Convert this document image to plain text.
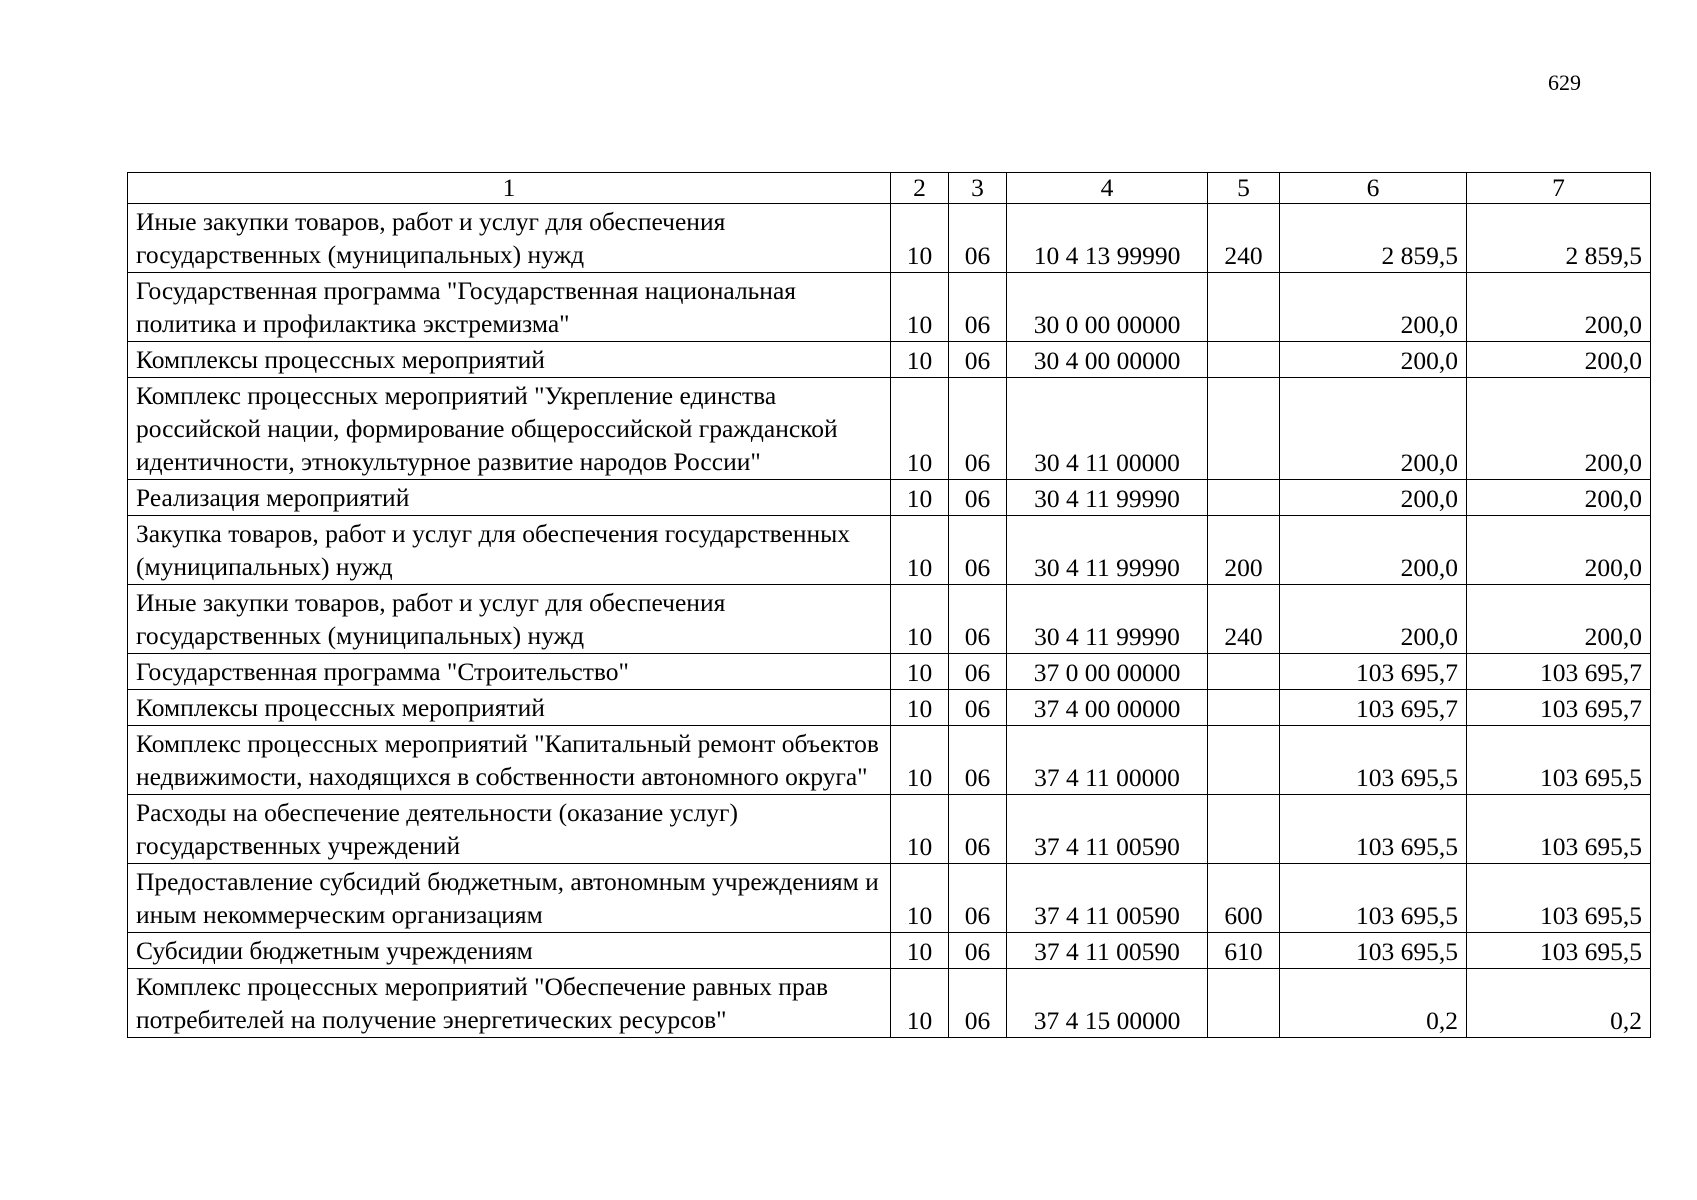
629
1	2	3	4	5	6	7
Иные закупки товаров, работ и услуг для обеспечения государственных (муниципальных) нужд	10	06	10 4 13 99990	240	2 859,5	2 859,5
Государственная программа "Государственная национальная политика и профилактика экстремизма"	10	06	30 0 00 00000		200,0	200,0
Комплексы процессных мероприятий	10	06	30 4 00 00000		200,0	200,0
Комплекс процессных мероприятий "Укрепление единства российской нации, формирование общероссийской гражданской идентичности, этнокультурное развитие народов России"	10	06	30 4 11 00000		200,0	200,0
Реализация мероприятий	10	06	30 4 11 99990		200,0	200,0
Закупка товаров, работ и услуг для обеспечения государственных (муниципальных) нужд	10	06	30 4 11 99990	200	200,0	200,0
Иные закупки товаров, работ и услуг для обеспечения государственных (муниципальных) нужд	10	06	30 4 11 99990	240	200,0	200,0
Государственная программа "Строительство"	10	06	37 0 00 00000		103 695,7	103 695,7
Комплексы процессных мероприятий	10	06	37 4 00 00000		103 695,7	103 695,7
Комплекс процессных мероприятий "Капитальный ремонт объектов недвижимости, находящихся в собственности автономного округа"	10	06	37 4 11 00000		103 695,5	103 695,5
Расходы на обеспечение деятельности (оказание услуг) государственных учреждений	10	06	37 4 11 00590		103 695,5	103 695,5
Предоставление субсидий бюджетным, автономным учреждениям и иным некоммерческим организациям	10	06	37 4 11 00590	600	103 695,5	103 695,5
Субсидии бюджетным учреждениям	10	06	37 4 11 00590	610	103 695,5	103 695,5
Комплекс процессных мероприятий "Обеспечение равных прав потребителей на получение энергетических ресурсов"	10	06	37 4 15 00000		0,2	0,2
